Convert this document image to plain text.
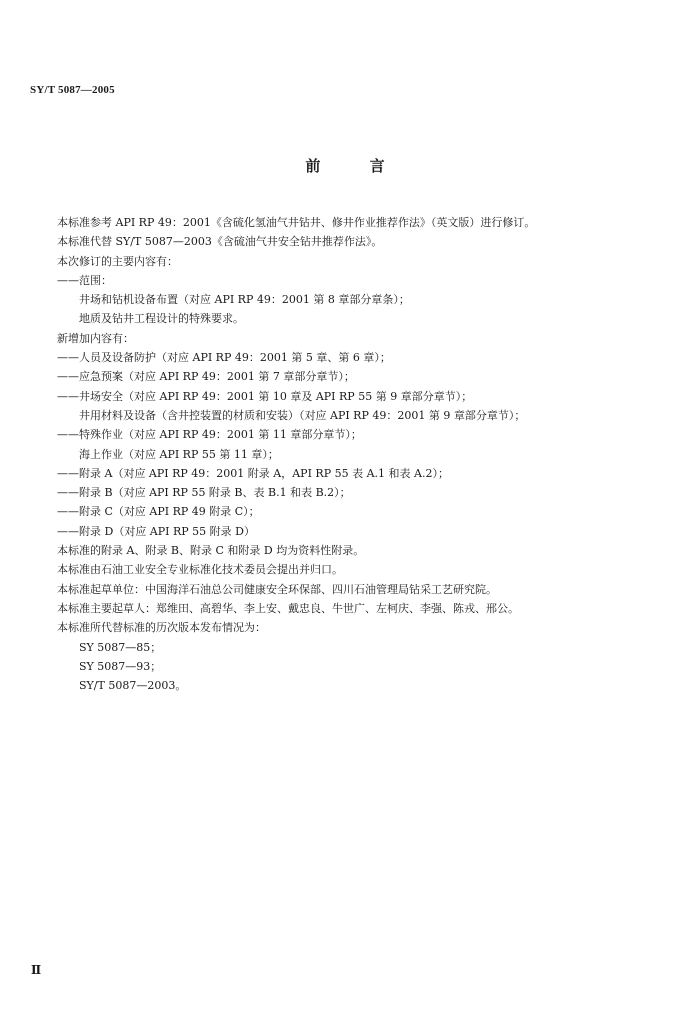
SY/T 5087—2005
前	言
本标准参考 API RP 49：2001《含硫化氢油气井钻井、修井作业推荐作法》（英文版）进行修订。
本标准代替 SY/T 5087—2003《含硫油气井安全钻井推荐作法》。
本次修订的主要内容有：
——范围：
井场和钻机设备布置（对应 API RP 49：2001 第 8 章部分章条）；
地质及钻井工程设计的特殊要求。
新增加内容有：
——人员及设备防护（对应 API RP 49：2001 第 5 章、第 6 章）；
——应急预案（对应 API RP 49：2001 第 7 章部分章节）；
——井场安全（对应 API RP 49：2001 第 10 章及 API RP 55 第 9 章部分章节）；
井用材料及设备（含井控装置的材质和安装）（对应 API RP 49：2001 第 9 章部分章节）；
——特殊作业（对应 API RP 49：2001 第 11 章部分章节）；
海上作业（对应 API RP 55 第 11 章）；
——附录 A（对应 API RP 49：2001 附录 A，API RP 55 表 A.1 和表 A.2）；
——附录 B（对应 API RP 55 附录 B、表 B.1 和表 B.2）；
——附录 C（对应 API RP 49 附录 C）；
——附录 D（对应 API RP 55 附录 D）
本标准的附录 A、附录 B、附录 C 和附录 D 均为资料性附录。
本标准由石油工业安全专业标准化技术委员会提出并归口。
本标准起草单位：中国海洋石油总公司健康安全环保部、四川石油管理局钻采工艺研究院。
本标准主要起草人：郑维田、高碧华、李上安、戴忠良、牛世广、左柯庆、李强、陈戎、邢公。
本标准所代替标准的历次版本发布情况为：
SY 5087—85；
SY 5087—93；
SY/T 5087—2003。
Ⅱ
